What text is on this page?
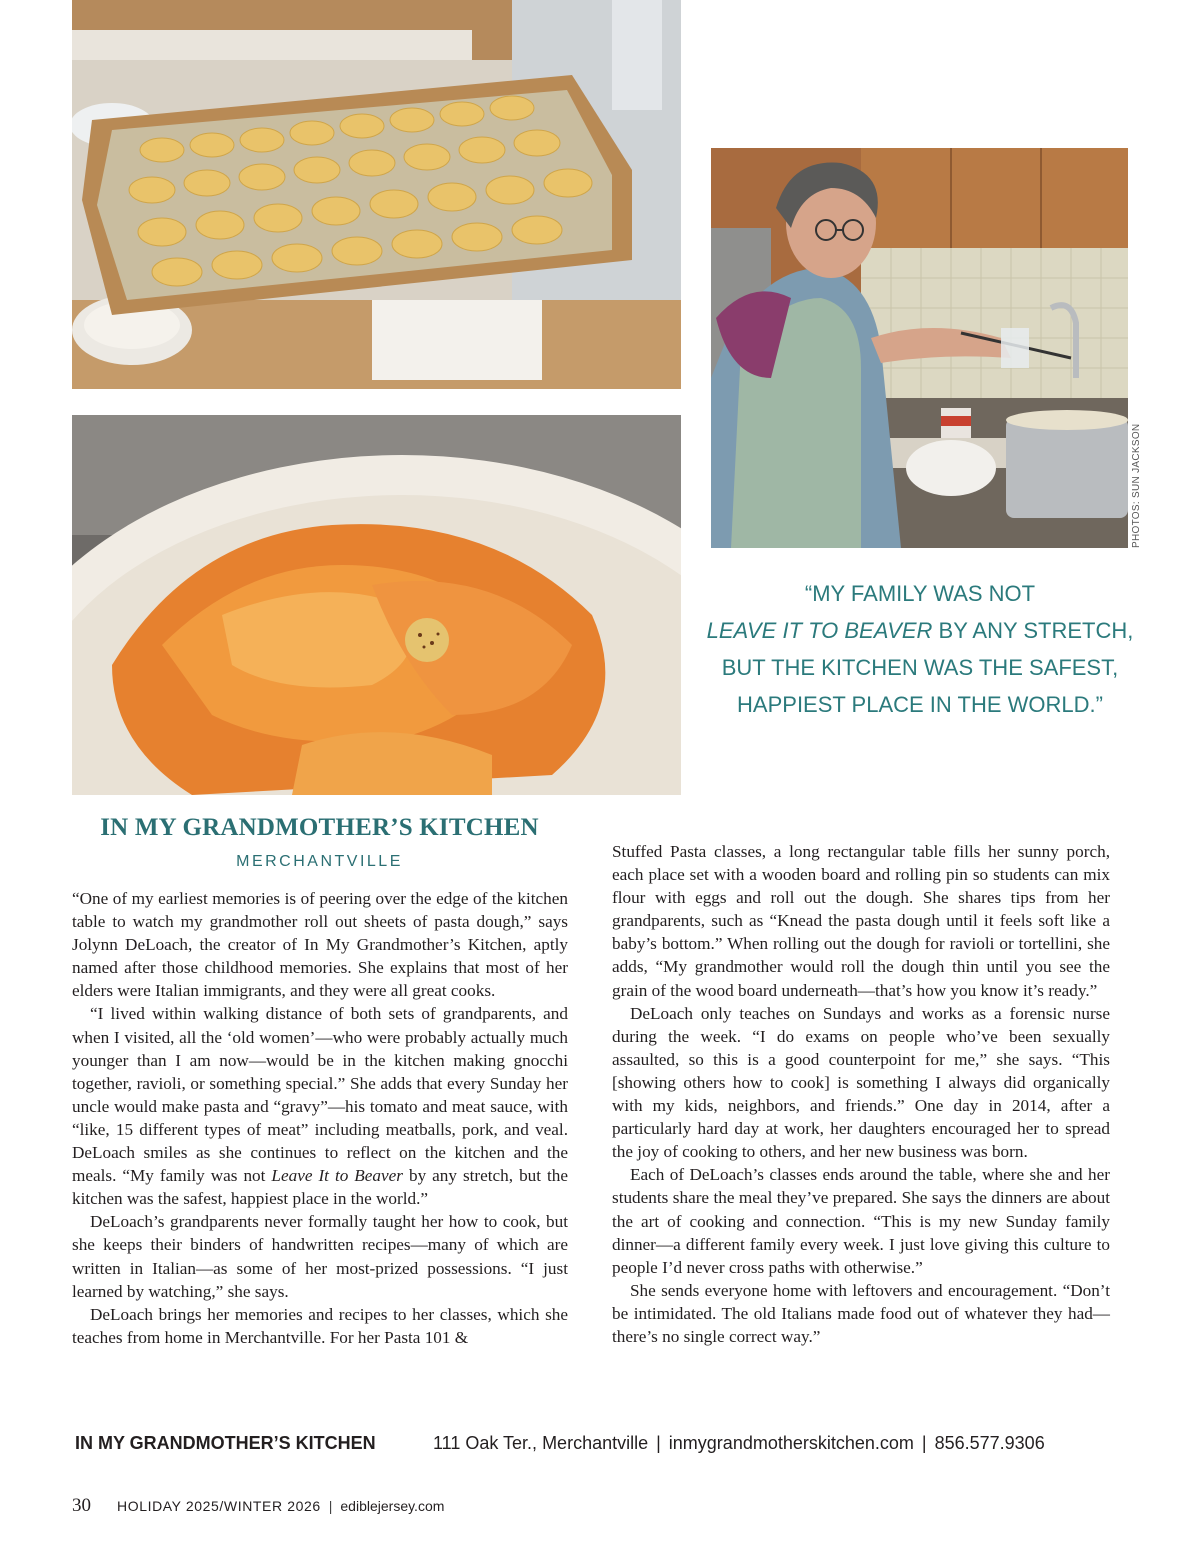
PHOTOS: SUN JACKSON
“MY FAMILY WAS NOT
LEAVE IT TO BEAVER BY ANY STRETCH,
BUT THE KITCHEN WAS THE SAFEST,
HAPPIEST PLACE IN THE WORLD.”
IN MY GRANDMOTHER’S KITCHEN
MERCHANTVILLE

“One of my earliest memories is of peering over the edge of the kitchen table to watch my grandmother roll out sheets of pasta dough,” says Jolynn DeLoach, the creator of In My Grandmother’s Kitchen, aptly named after those childhood memories. She explains that most of her elders were Italian immigrants, and they were all great cooks.

“I lived within walking distance of both sets of grandparents, and when I visited, all the ‘old women’—who were probably actually much younger than I am now—would be in the kitchen making gnocchi together, ravioli, or something special.” She adds that every Sunday her uncle would make pasta and “gravy”—his tomato and meat sauce, with “like, 15 different types of meat” including meatballs, pork, and veal. DeLoach smiles as she continues to reflect on the kitchen and the meals. “My family was not Leave It to Beaver by any stretch, but the kitchen was the safest, happiest place in the world.”

DeLoach’s grandparents never formally taught her how to cook, but she keeps their binders of handwritten recipes—many of which are written in Italian—as some of her most-prized possessions. “I just learned by watching,” she says.

DeLoach brings her memories and recipes to her classes, which she teaches from home in Merchantville. For her Pasta 101 &

Stuffed Pasta classes, a long rectangular table fills her sunny porch, each place set with a wooden board and rolling pin so students can mix flour with eggs and roll out the dough. She shares tips from her grandparents, such as “Knead the pasta dough until it feels soft like a baby’s bottom.” When rolling out the dough for ravioli or tortellini, she adds, “My grandmother would roll the dough thin until you see the grain of the wood board underneath—that’s how you know it’s ready.”

DeLoach only teaches on Sundays and works as a forensic nurse during the week. “I do exams on people who’ve been sexually assaulted, so this is a good counterpoint for me,” she says. “This [showing others how to cook] is something I always did organically with my kids, neighbors, and friends.” One day in 2014, after a particularly hard day at work, her daughters encouraged her to spread the joy of cooking to others, and her new business was born.

Each of DeLoach’s classes ends around the table, where she and her students share the meal they’ve prepared. She says the dinners are about the art of cooking and connection. “This is my new Sunday family dinner—a different family every week. I just love giving this culture to people I’d never cross paths with otherwise.”

She sends everyone home with leftovers and encouragement. “Don’t be intimidated. The old Italians made food out of whatever they had—there’s no single correct way.”

IN MY GRANDMOTHER’S KITCHEN	111 Oak Ter., Merchantville | inmygrandmotherskitchen.com | 856.577.9306
30 HOLIDAY 2025/WINTER 2026 | ediblejersey.com
